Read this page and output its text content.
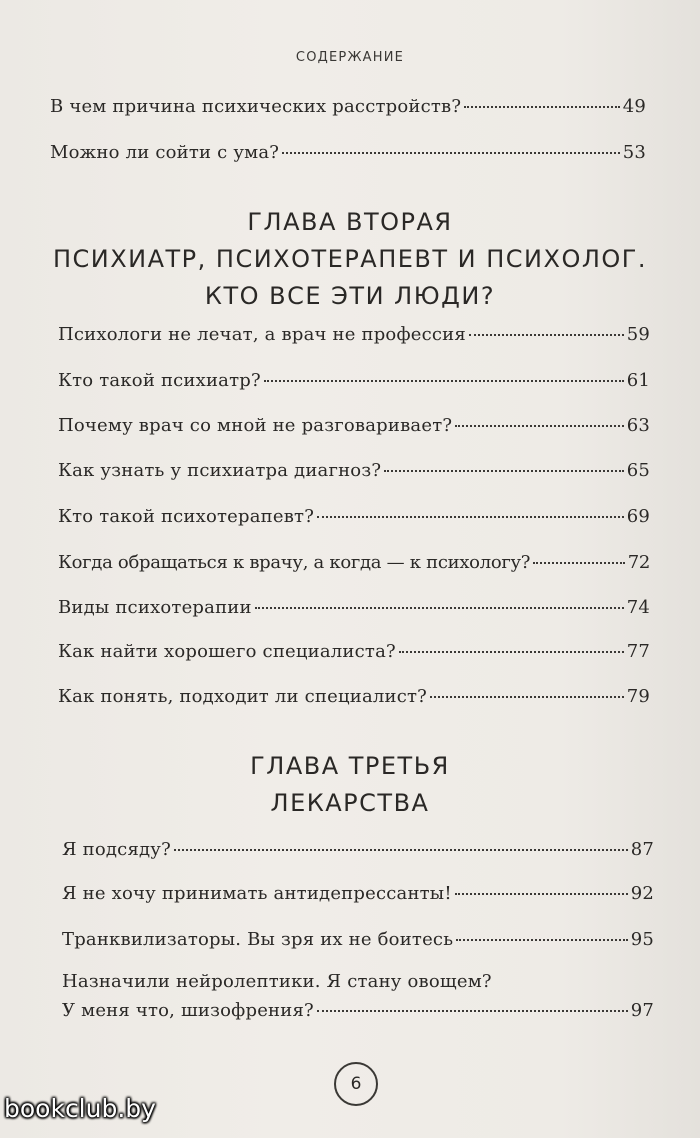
СОДЕРЖАНИЕ
В чем причина психических расстройств?	49
Можно ли сойти с ума?	53
ГЛАВА ВТОРАЯ
ПСИХИАТР, ПСИХОТЕРАПЕВТ И ПСИХОЛОГ.
КТО ВСЕ ЭТИ ЛЮДИ?
Психологи не лечат, а врач не профессия	59
Кто такой психиатр?	61
Почему врач со мной не разговаривает?	63
Как узнать у психиатра диагноз?	65
Кто такой психотерапевт?	69
Когда обращаться к врачу, а когда — к психологу?	72
Виды психотерапии	74
Как найти хорошего специалиста?	77
Как понять, подходит ли специалист?	79
ГЛАВА ТРЕТЬЯ
ЛЕКАРСТВА
Я подсяду?	87
Я не хочу принимать антидепрессанты!	92
Транквилизаторы. Вы зря их не боитесь	95
Назначили нейролептики. Я стану овощем?
У меня что, шизофрения?	97
6
bookclub.by
